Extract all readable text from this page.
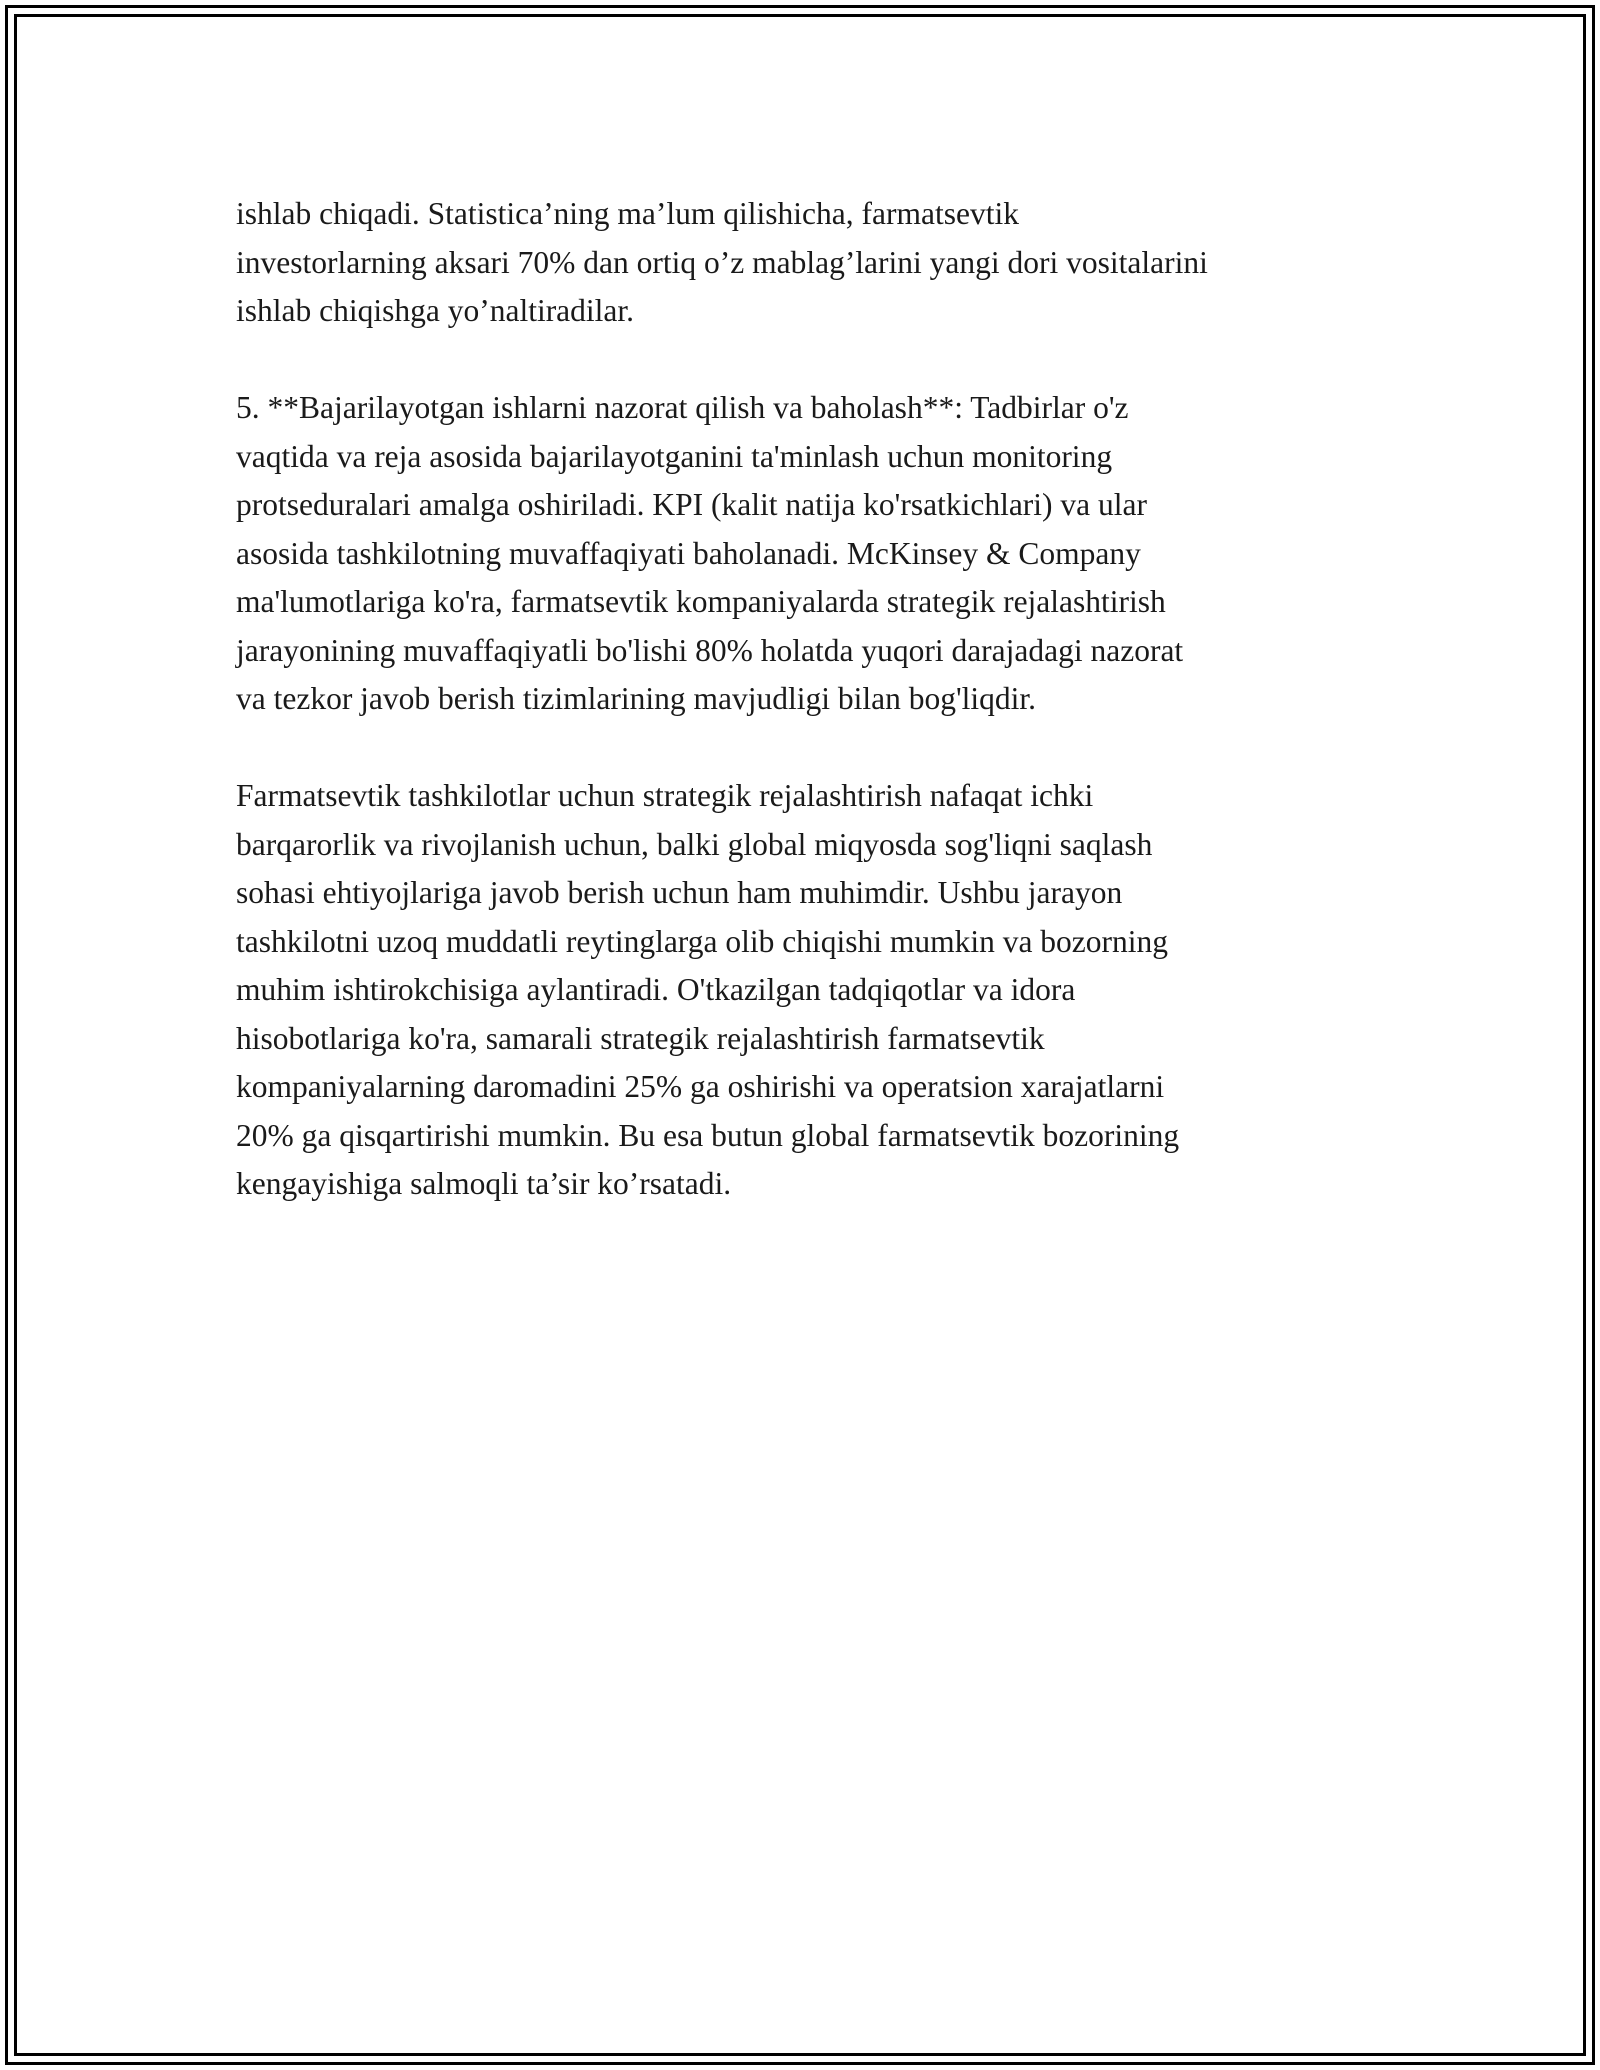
ishlab chiqadi. Statistica’ning ma’lum qilishicha, farmatsevtik
investorlarning aksari 70% dan ortiq o’z mablag’larini yangi dori vositalarini
ishlab chiqishga yo’naltiradilar.

5. **Bajarilayotgan ishlarni nazorat qilish va baholash**: Tadbirlar o'z
vaqtida va reja asosida bajarilayotganini ta'minlash uchun monitoring
protseduralari amalga oshiriladi. KPI (kalit natija ko'rsatkichlari) va ular
asosida tashkilotning muvaffaqiyati baholanadi. McKinsey & Company
ma'lumotlariga ko'ra, farmatsevtik kompaniyalarda strategik rejalashtirish
jarayonining muvaffaqiyatli bo'lishi 80% holatda yuqori darajadagi nazorat
va tezkor javob berish tizimlarining mavjudligi bilan bog'liqdir.

Farmatsevtik tashkilotlar uchun strategik rejalashtirish nafaqat ichki
barqarorlik va rivojlanish uchun, balki global miqyosda sog'liqni saqlash
sohasi ehtiyojlariga javob berish uchun ham muhimdir. Ushbu jarayon
tashkilotni uzoq muddatli reytinglarga olib chiqishi mumkin va bozorning
muhim ishtirokchisiga aylantiradi. O'tkazilgan tadqiqotlar va idora
hisobotlariga ko'ra, samarali strategik rejalashtirish farmatsevtik
kompaniyalarning daromadini 25% ga oshirishi va operatsion xarajatlarni
20% ga qisqartirishi mumkin. Bu esa butun global farmatsevtik bozorining
kengayishiga salmoqli ta’sir ko’rsatadi.
